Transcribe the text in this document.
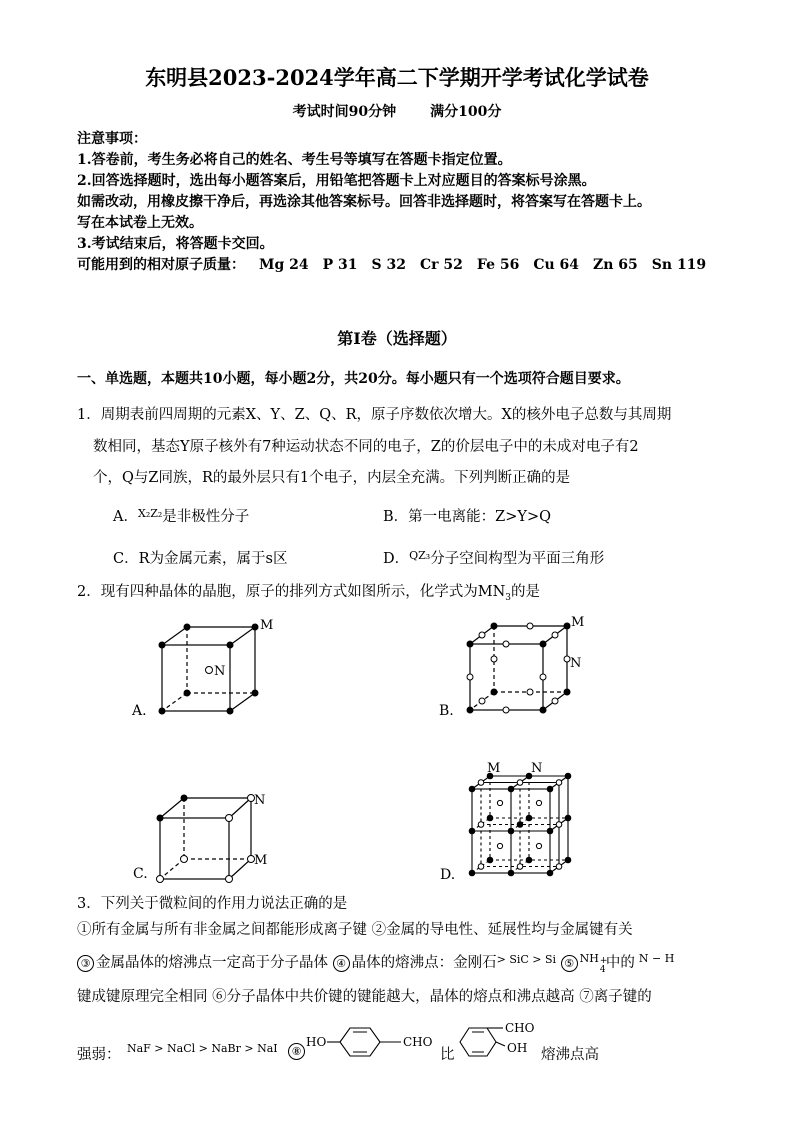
东明县2023-2024学年高二下学期开学考试化学试卷
考试时间90分钟 满分100分
注意事项：
1.答卷前，考生务必将自己的姓名、考生号等填写在答题卡指定位置。
2.回答选择题时，选出每小题答案后，用铅笔把答题卡上对应题目的答案标号涂黑。
如需改动，用橡皮擦干净后，再选涂其他答案标号。回答非选择题时，将答案写在答题卡上。
写在本试卷上无效。
3.考试结束后，将答题卡交回。
可能用到的相对原子质量： Mg 24 P 31 S 32 Cr 52 Fe 56 Cu 64 Zn 65 Sn 119
第Ⅰ卷（选择题）
一、单选题，本题共10小题，每小题2分，共20分。每小题只有一个选项符合题目要求。
1．周期表前四周期的元素X、Y、Z、Q、R，原子序数依次增大。X的核外电子总数与其周期
数相同，基态Y原子核外有7种运动状态不同的电子，Z的价层电子中的未成对电子有2
个，Q与Z同族，R的最外层只有1个电子，内层全充满。下列判断正确的是
A．$^{X_2Z_2}$是非极性分子	B．第一电离能：Z>Y>Q
C．R为金属元素，属于s区	D．$^{QZ_3}$分子空间构型为平面三角形
2．现有四种晶体的晶胞，原子的排列方式如图所示，化学式为$MN_3$的是
N
M
A.
M
N
B.
N
M
C.
M N
D.
3．下列关于微粒间的作用力说法正确的是
①所有金属与所有非金属之间都能形成离子键 ②金属的导电性、延展性均与金属键有关
③ 金属晶体的熔沸点一定高于分子晶体 ④ 晶体的熔沸点：金刚石$^{> SiC > Si}$ ⑤ $^{NH + 4}$ 中的 $^{N - H}$
键成键原理完全相同 ⑥分子晶体中共价键的键能越大，晶体的熔点和沸点越高 ⑦离子键的
强弱： NaF > NaCl > NaBr > NaI	⑧
HO	CHO
比
CHO
OH 熔沸点高
